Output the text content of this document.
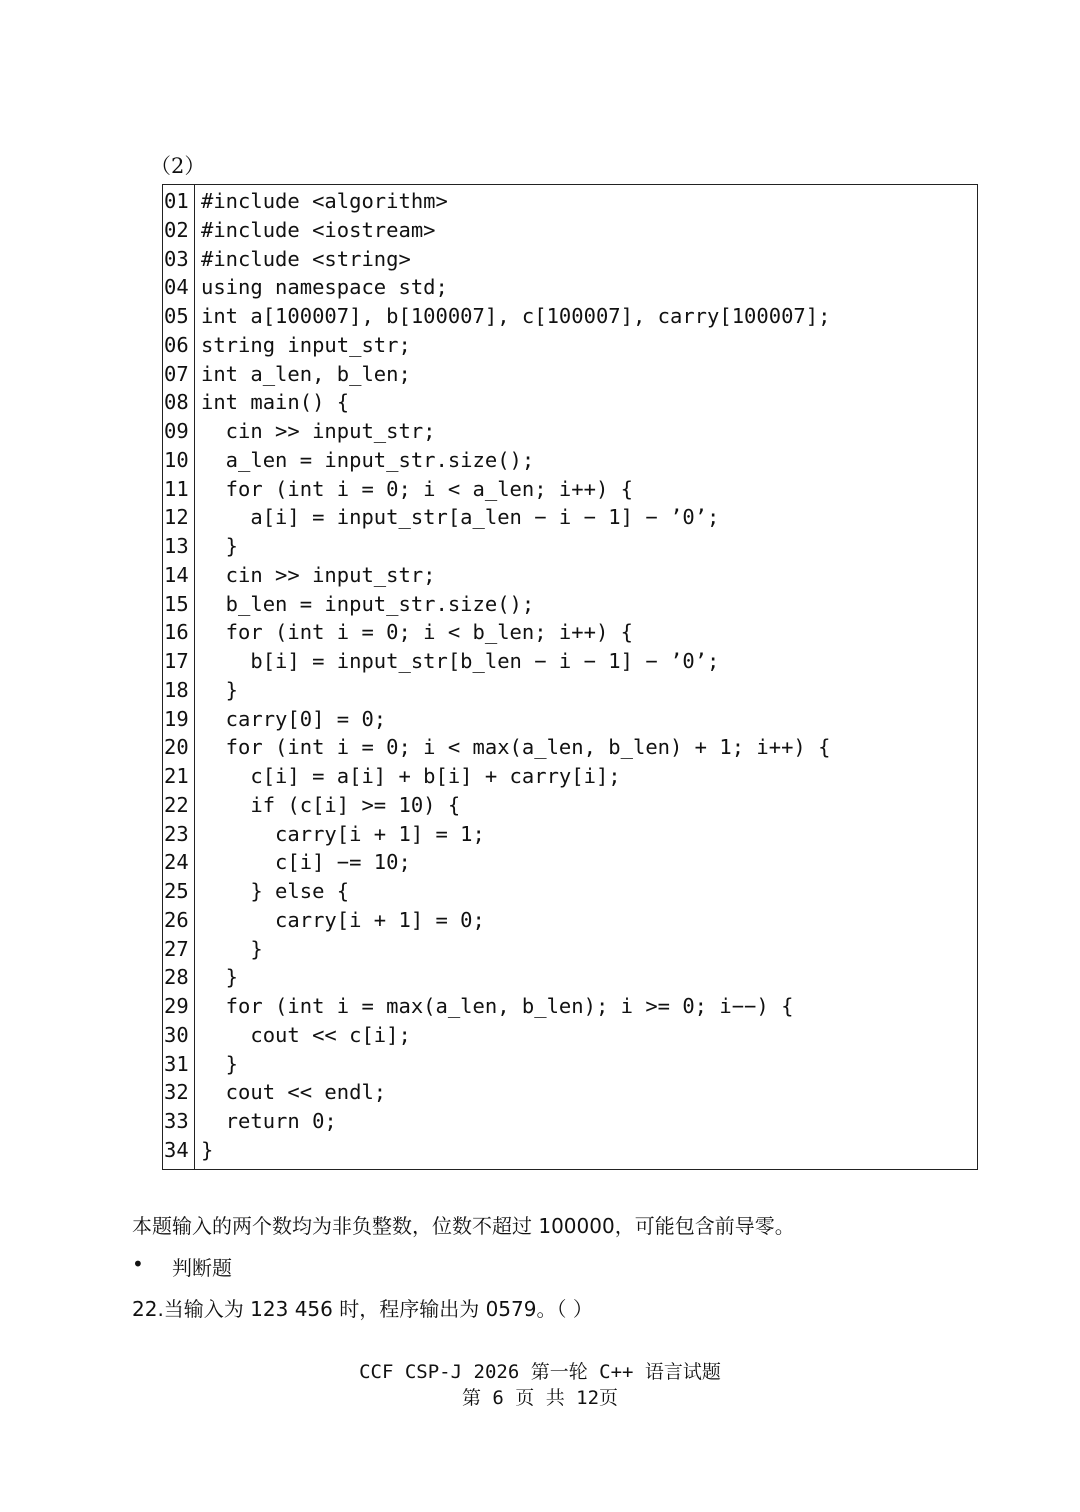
（2）
01 #include <algorithm>
02 #include <iostream>
03 #include <string>
04 using namespace std;
05 int a[100007], b[100007], c[100007], carry[100007];
06 string input_str;
07 int a_len, b_len;
08 int main() {
09 cin >> input_str;
10 a_len = input_str.size();
11 for (int i = 0; i < a_len; i++) {
12 a[i] = input_str[a_len − i − 1] − ’0’;
13 }
14 cin >> input_str;
15 b_len = input_str.size();
16 for (int i = 0; i < b_len; i++) {
17 b[i] = input_str[b_len − i − 1] − ’0’;
18 }
19 carry[0] = 0;
20 for (int i = 0; i < max(a_len, b_len) + 1; i++) {
21 c[i] = a[i] + b[i] + carry[i];
22 if (c[i] >= 10) {
23 carry[i + 1] = 1;
24 c[i] −= 10;
25 } else {
26 carry[i + 1] = 0;
27 }
28 }
29 for (int i = max(a_len, b_len); i >= 0; i−−) {
30 cout << c[i];
31 }
32 cout << endl;
33 return 0;
34 }
本题输入的两个数均为非负整数，位数不超过 100000，可能包含前导零。
•	判断题
22.当输入为 123 456 时，程序输出为 0579。（ ）
CCF CSP-J 2026 第一轮 C++ 语言试题
第 6 页 共 12页
